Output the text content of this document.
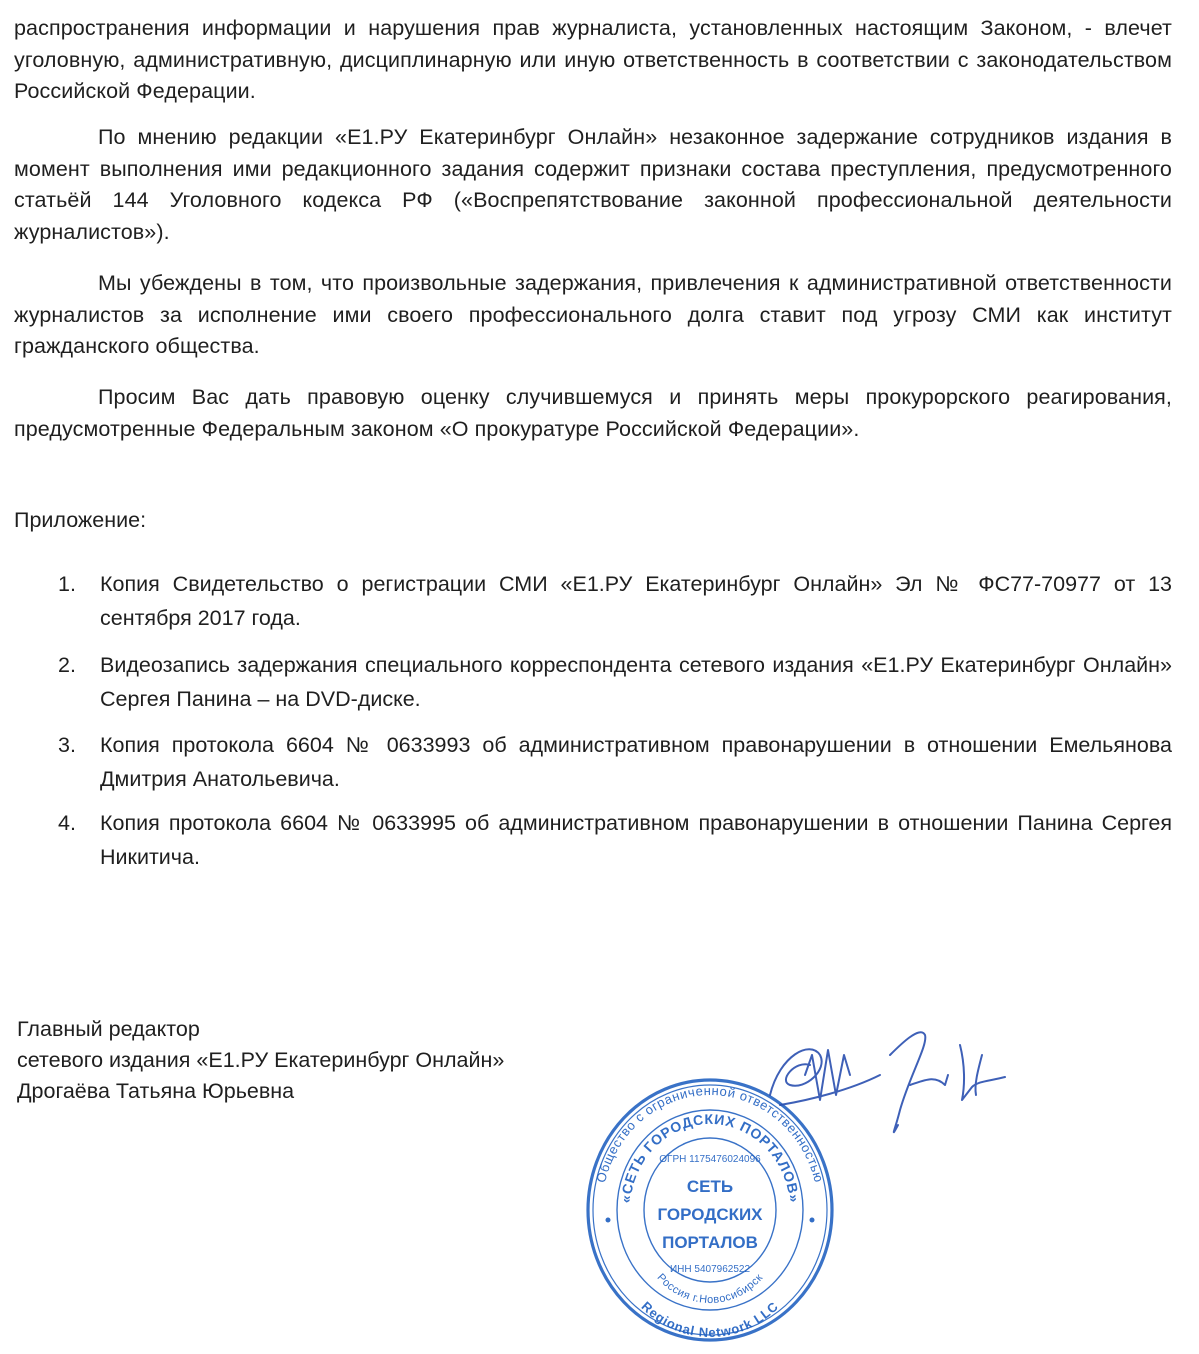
распространения информации и нарушения прав журналиста, установленных настоящим Законом, - влечет уголовную, административную, дисциплинарную или иную ответственность в соответствии с законодательством Российской Федерации.

По мнению редакции «Е1.РУ Екатеринбург Онлайн» незаконное задержание сотрудников издания в момент выполнения ими редакционного задания содержит признаки состава преступления, предусмотренного статьёй 144 Уголовного кодекса РФ («Воспрепятствование законной профессиональной деятельности журналистов»).

Мы убеждены в том, что произвольные задержания, привлечения к административной ответственности журналистов за исполнение ими своего профессионального долга ставит под угрозу СМИ как институт гражданского общества.

Просим Вас дать правовую оценку случившемуся и принять меры прокурорского реагирования, предусмотренные Федеральным законом «О прокуратуре Российской Федерации».

Приложение:

1.	Копия Свидетельство о регистрации СМИ «Е1.РУ Екатеринбург Онлайн» Эл № ФС77-70977 от 13 сентября 2017 года.
2.	Видеозапись задержания специального корреспондента сетевого издания «Е1.РУ Екатеринбург Онлайн» Сергея Панина – на DVD-диске.
3.	Копия протокола 6604 № 0633993 об административном правонарушении в отношении Емельянова Дмитрия Анатольевича.
4.	Копия протокола 6604 № 0633995 об административном правонарушении в отношении Панина Сергея Никитича.
Главный редактор
сетевого издания «Е1.РУ Екатеринбург Онлайн»
Дрогаёва Татьяна Юрьевна
Общество с ограниченной ответственностью
Regional Network LLC
«СЕТЬ ГОРОДСКИХ ПОРТАЛОВ»
Россия г.Новосибирск
ОГРН 1175476024096
ИНН 5407962522
СЕТЬ
ГОРОДСКИХ
ПОРТАЛОВ
